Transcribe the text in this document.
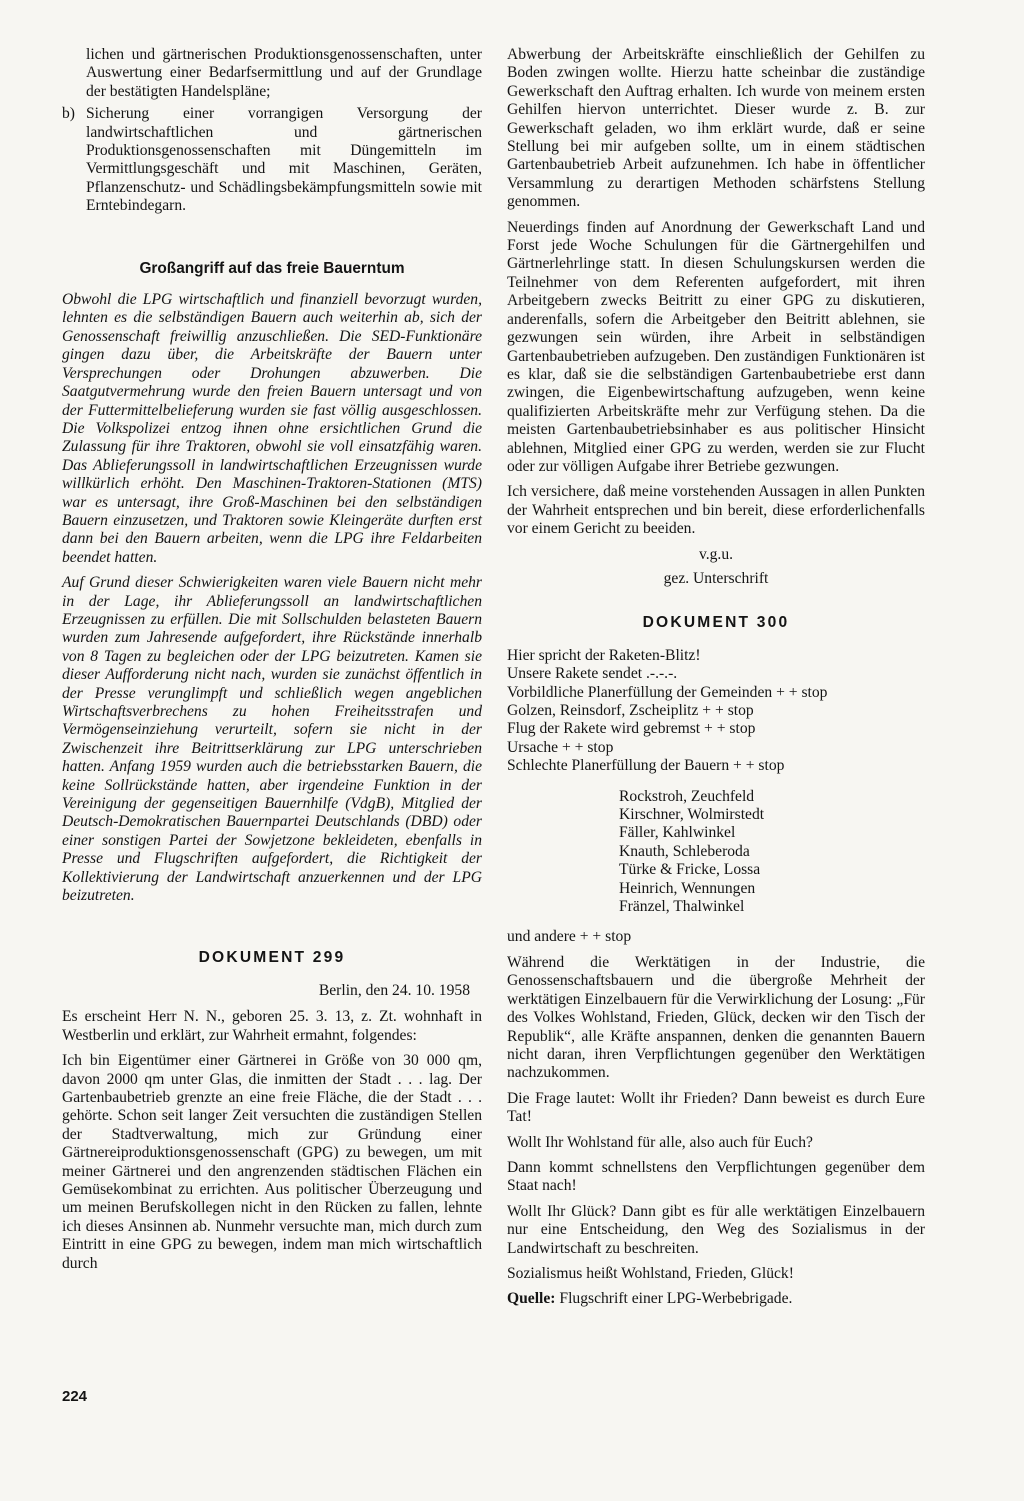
lichen und gärtnerischen Produktionsgenossenschaften, unter Auswertung einer Bedarfsermittlung und auf der Grundlage der bestätigten Handelspläne;
b) Sicherung einer vorrangigen Versorgung der landwirtschaftlichen und gärtnerischen Produktionsgenossenschaften mit Düngemitteln im Vermittlungsgeschäft und mit Maschinen, Geräten, Pflanzenschutz- und Schädlingsbekämpfungsmitteln sowie mit Erntebindegarn.
Großangriff auf das freie Bauerntum

Obwohl die LPG wirtschaftlich und finanziell bevorzugt wurden, lehnten es die selbständigen Bauern auch weiterhin ab, sich der Genossenschaft freiwillig anzuschließen. Die SED-Funktionäre gingen dazu über, die Arbeitskräfte der Bauern unter Versprechungen oder Drohungen abzuwerben. Die Saatgutvermehrung wurde den freien Bauern untersagt und von der Futtermittelbelieferung wurden sie fast völlig ausgeschlossen. Die Volkspolizei entzog ihnen ohne ersichtlichen Grund die Zulassung für ihre Traktoren, obwohl sie voll einsatzfähig waren. Das Ablieferungssoll in landwirtschaftlichen Erzeugnissen wurde willkürlich erhöht. Den Maschinen-Traktoren-Stationen (MTS) war es untersagt, ihre Groß-Maschinen bei den selbständigen Bauern einzusetzen, und Traktoren sowie Kleingeräte durften erst dann bei den Bauern arbeiten, wenn die LPG ihre Feldarbeiten beendet hatten.

Auf Grund dieser Schwierigkeiten waren viele Bauern nicht mehr in der Lage, ihr Ablieferungssoll an landwirtschaftlichen Erzeugnissen zu erfüllen. Die mit Sollschulden belasteten Bauern wurden zum Jahresende aufgefordert, ihre Rückstände innerhalb von 8 Tagen zu begleichen oder der LPG beizutreten. Kamen sie dieser Aufforderung nicht nach, wurden sie zunächst öffentlich in der Presse verunglimpft und schließlich wegen angeblichen Wirtschaftsverbrechens zu hohen Freiheitsstrafen und Vermögenseinziehung verurteilt, sofern sie nicht in der Zwischenzeit ihre Beitrittserklärung zur LPG unterschrieben hatten. Anfang 1959 wurden auch die betriebsstarken Bauern, die keine Sollrückstände hatten, aber irgendeine Funktion in der Vereinigung der gegenseitigen Bauernhilfe (VdgB), Mitglied der Deutsch-Demokratischen Bauernpartei Deutschlands (DBD) oder einer sonstigen Partei der Sowjetzone bekleideten, ebenfalls in Presse und Flugschriften aufgefordert, die Richtigkeit der Kollektivierung der Landwirtschaft anzuerkennen und der LPG beizutreten.

DOKUMENT 299
Berlin, den 24. 10. 1958

Es erscheint Herr N. N., geboren 25. 3. 13, z. Zt. wohnhaft in Westberlin und erklärt, zur Wahrheit ermahnt, folgendes:

Ich bin Eigentümer einer Gärtnerei in Größe von 30 000 qm, davon 2000 qm unter Glas, die inmitten der Stadt . . . lag. Der Gartenbaubetrieb grenzte an eine freie Fläche, die der Stadt . . . gehörte. Schon seit langer Zeit versuchten die zuständigen Stellen der Stadtverwaltung, mich zur Gründung einer Gärtnereiproduktionsgenossenschaft (GPG) zu bewegen, um mit meiner Gärtnerei und den angrenzenden städtischen Flächen ein Gemüsekombinat zu errichten. Aus politischer Überzeugung und um meinen Berufskollegen nicht in den Rücken zu fallen, lehnte ich dieses Ansinnen ab. Nunmehr versuchte man, mich durch zum Eintritt in eine GPG zu bewegen, indem man mich wirtschaftlich durch

Abwerbung der Arbeitskräfte einschließlich der Gehilfen zu Boden zwingen wollte. Hierzu hatte scheinbar die zuständige Gewerkschaft den Auftrag erhalten. Ich wurde von meinem ersten Gehilfen hiervon unterrichtet. Dieser wurde z. B. zur Gewerkschaft geladen, wo ihm erklärt wurde, daß er seine Stellung bei mir aufgeben sollte, um in einem städtischen Gartenbaubetrieb Arbeit aufzunehmen. Ich habe in öffentlicher Versammlung zu derartigen Methoden schärfstens Stellung genommen.

Neuerdings finden auf Anordnung der Gewerkschaft Land und Forst jede Woche Schulungen für die Gärtnergehilfen und Gärtnerlehrlinge statt. In diesen Schulungskursen werden die Teilnehmer von dem Referenten aufgefordert, mit ihren Arbeitgebern zwecks Beitritt zu einer GPG zu diskutieren, anderenfalls, sofern die Arbeitgeber den Beitritt ablehnen, sie gezwungen sein würden, ihre Arbeit in selbständigen Gartenbaubetrieben aufzugeben. Den zuständigen Funktionären ist es klar, daß sie die selbständigen Gartenbaubetriebe erst dann zwingen, die Eigenbewirtschaftung aufzugeben, wenn keine qualifizierten Arbeitskräfte mehr zur Verfügung stehen. Da die meisten Gartenbaubetriebsinhaber es aus politischer Hinsicht ablehnen, Mitglied einer GPG zu werden, werden sie zur Flucht oder zur völligen Aufgabe ihrer Betriebe gezwungen.

Ich versichere, daß meine vorstehenden Aussagen in allen Punkten der Wahrheit entsprechen und bin bereit, diese erforderlichenfalls vor einem Gericht zu beeiden.

v.g.u.
gez. Unterschrift
DOKUMENT 300
Hier spricht der Raketen-Blitz!
Unsere Rakete sendet .-.-.-.
Vorbildliche Planerfüllung der Gemeinden + + stop
Golzen, Reinsdorf, Zscheiplitz + + stop
Flug der Rakete wird gebremst + + stop
Ursache + + stop
Schlechte Planerfüllung der Bauern + + stop
Rockstroh, Zeuchfeld
Kirschner, Wolmirstedt
Fäller, Kahlwinkel
Knauth, Schleberoda
Türke & Fricke, Lossa
Heinrich, Wennungen
Fränzel, Thalwinkel

und andere + + stop

Während die Werktätigen in der Industrie, die Genossenschaftsbauern und die übergroße Mehrheit der werktätigen Einzelbauern für die Verwirklichung der Losung: „Für des Volkes Wohlstand, Frieden, Glück, decken wir den Tisch der Republik“, alle Kräfte anspannen, denken die genannten Bauern nicht daran, ihren Verpflichtungen gegenüber den Werktätigen nachzukommen.

Die Frage lautet: Wollt ihr Frieden? Dann beweist es durch Eure Tat!

Wollt Ihr Wohlstand für alle, also auch für Euch?

Dann kommt schnellstens den Verpflichtungen gegenüber dem Staat nach!

Wollt Ihr Glück? Dann gibt es für alle werktätigen Einzelbauern nur eine Entscheidung, den Weg des Sozialismus in der Landwirtschaft zu beschreiten.

Sozialismus heißt Wohlstand, Frieden, Glück!

Quelle: Flugschrift einer LPG-Werbebrigade.

224
